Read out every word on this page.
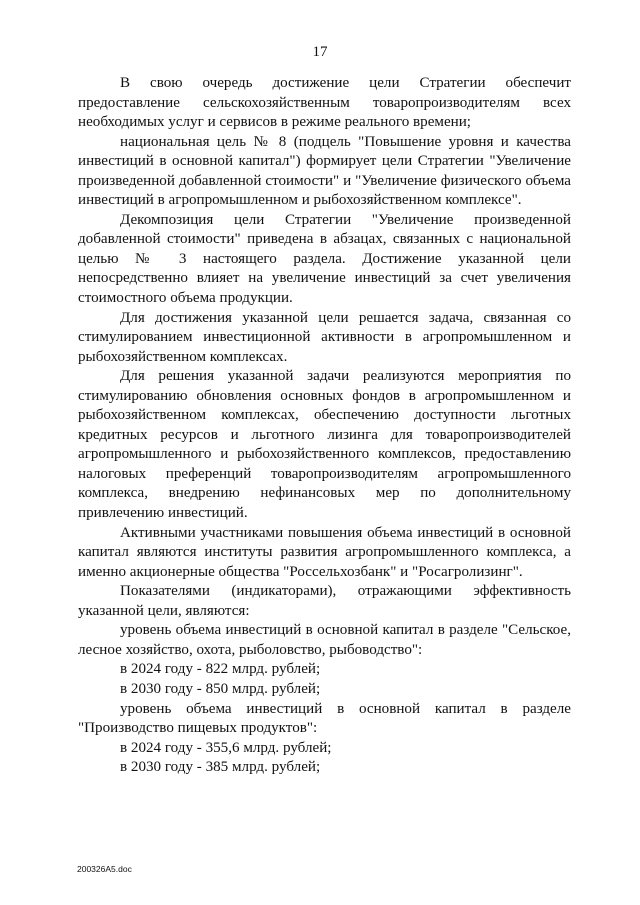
17

В свою очередь достижение цели Стратегии обеспечит предоставление сельскохозяйственным товаропроизводителям всех необходимых услуг и сервисов в режиме реального времени;

национальная цель № 8 (подцель "Повышение уровня и качества инвестиций в основной капитал") формирует цели Стратегии "Увеличение произведенной добавленной стоимости" и "Увеличение физического объема инвестиций в агропромышленном и рыбохозяйственном комплексе".

Декомпозиция цели Стратегии "Увеличение произведенной добавленной стоимости" приведена в абзацах, связанных с национальной целью № 3 настоящего раздела. Достижение указанной цели непосредственно влияет на увеличение инвестиций за счет увеличения стоимостного объема продукции.

Для достижения указанной цели решается задача, связанная со стимулированием инвестиционной активности в агропромышленном и рыбохозяйственном комплексах.

Для решения указанной задачи реализуются мероприятия по стимулированию обновления основных фондов в агропромышленном и рыбохозяйственном комплексах, обеспечению доступности льготных кредитных ресурсов и льготного лизинга для товаропроизводителей агропромышленного и рыбохозяйственного комплексов, предоставлению налоговых преференций товаропроизводителям агропромышленного комплекса, внедрению нефинансовых мер по дополнительному привлечению инвестиций.

Активными участниками повышения объема инвестиций в основной капитал являются институты развития агропромышленного комплекса, а именно акционерные общества "Россельхозбанк" и "Росагролизинг".

Показателями (индикаторами), отражающими эффективность указанной цели, являются:

уровень объема инвестиций в основной капитал в разделе "Сельское, лесное хозяйство, охота, рыболовство, рыбоводство":

в 2024 году - 822 млрд. рублей;

в 2030 году - 850 млрд. рублей;

уровень объема инвестиций в основной капитал в разделе "Производство пищевых продуктов":

в 2024 году - 355,6 млрд. рублей;

в 2030 году - 385 млрд. рублей;

200326A5.doc
